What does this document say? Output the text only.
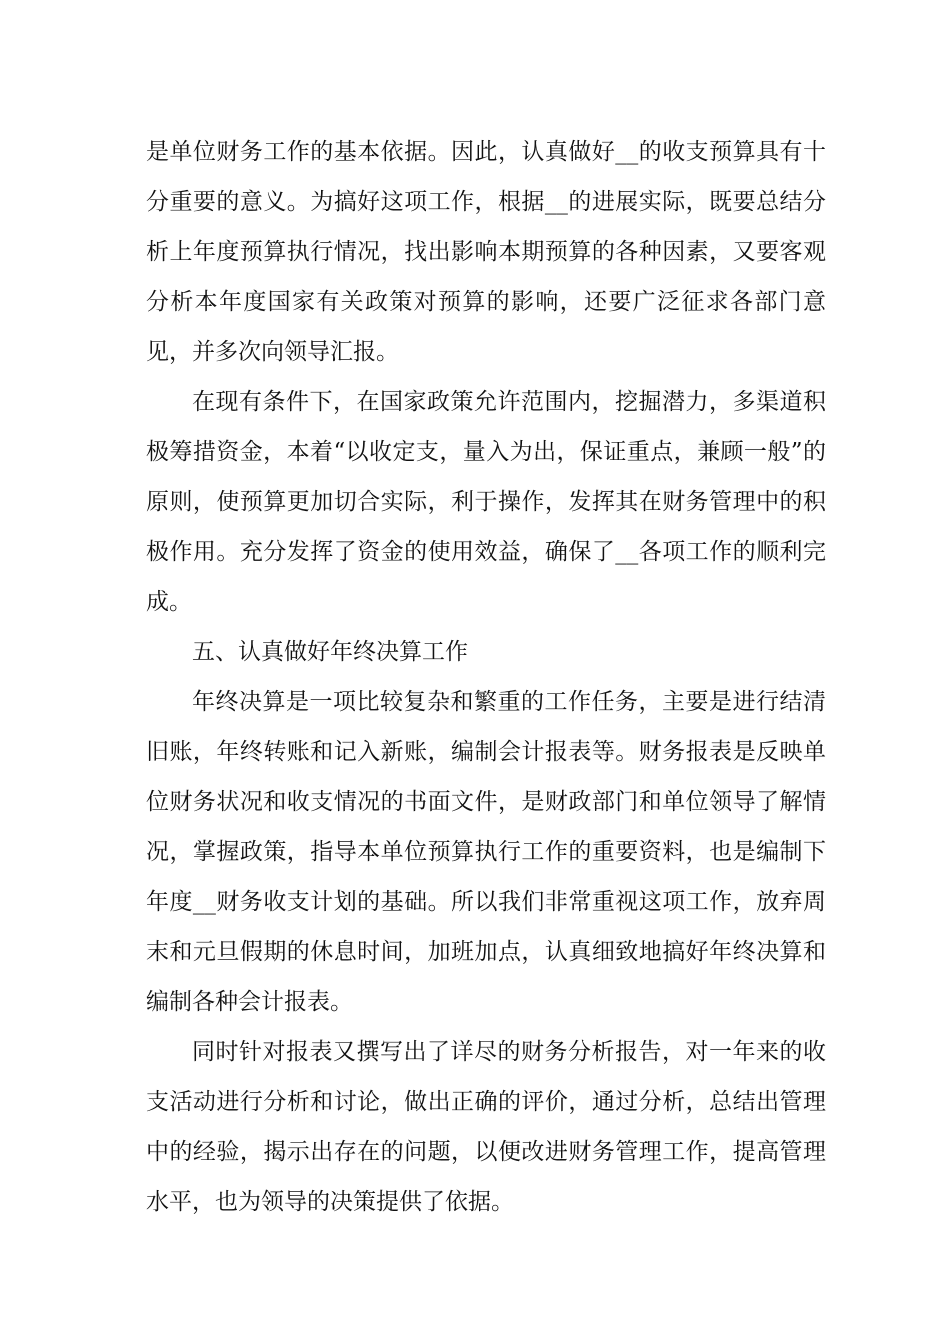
是单位财务工作的基本依据。因此，认真做好__的收支预算具有十分重要的意义。为搞好这项工作，根据__的进展实际，既要总结分析上年度预算执行情况，找出影响本期预算的各种因素，又要客观分析本年度国家有关政策对预算的影响，还要广泛征求各部门意见，并多次向领导汇报。

在现有条件下，在国家政策允许范围内，挖掘潜力，多渠道积极筹措资金，本着“以收定支，量入为出，保证重点，兼顾一般”的原则，使预算更加切合实际，利于操作，发挥其在财务管理中的积极作用。充分发挥了资金的使用效益，确保了__各项工作的顺利完成。

五、认真做好年终决算工作

年终决算是一项比较复杂和繁重的工作任务，主要是进行结清旧账，年终转账和记入新账，编制会计报表等。财务报表是反映单位财务状况和收支情况的书面文件，是财政部门和单位领导了解情况，掌握政策，指导本单位预算执行工作的重要资料，也是编制下年度__财务收支计划的基础。所以我们非常重视这项工作，放弃周末和元旦假期的休息时间，加班加点，认真细致地搞好年终决算和编制各种会计报表。

同时针对报表又撰写出了详尽的财务分析报告，对一年来的收支活动进行分析和讨论，做出正确的评价，通过分析，总结出管理中的经验，揭示出存在的问题，以便改进财务管理工作，提高管理水平，也为领导的决策提供了依据。
